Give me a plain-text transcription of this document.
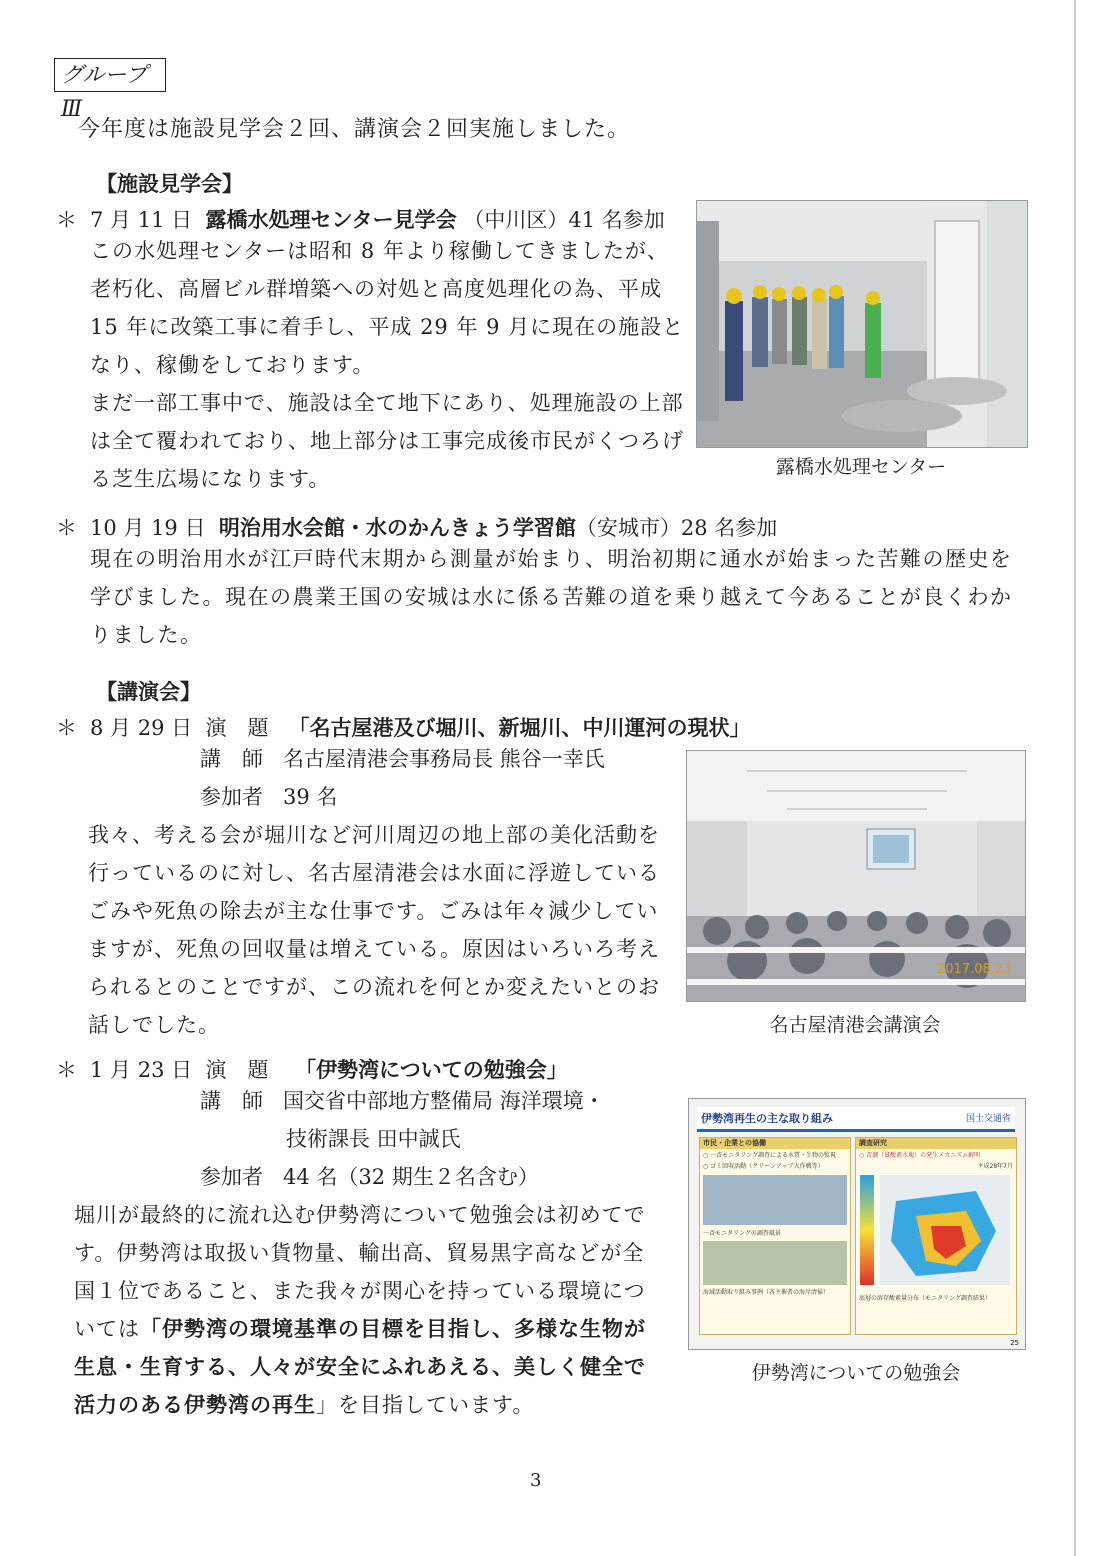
グループⅢ
今年度は施設見学会２回、講演会２回実施しました。
【施設見学会】
＊ 7 月 11 日 露橋水処理センター見学会 （中川区）41 名参加
この水処理センターは昭和 8 年より稼働してきましたが、
老朽化、高層ビル群増築への対処と高度処理化の為、平成
15 年に改築工事に着手し、平成 29 年 9 月に現在の施設と
なり、稼働をしております。
まだ一部工事中で、施設は全て地下にあり、処理施設の上部
は全て覆われており、地上部分は工事完成後市民がくつろげ
る芝生広場になります。	露橋水処理センター
＊ 10 月 19 日 明治用水会館・水のかんきょう学習館（安城市）28 名参加
現在の明治用水が江戸時代末期から測量が始まり、明治初期に通水が始まった苦難の歴史を
学びました。現在の農業王国の安城は水に係る苦難の道を乗り越えて今あることが良くわか
りました。
【講演会】
＊ 8 月 29 日 演　題 「名古屋港及び堀川、新堀川、中川運河の現状」
講　師 名古屋清港会事務局長 熊谷一幸氏
参加者 39 名
我々、考える会が堀川など河川周辺の地上部の美化活動を
行っているのに対し、名古屋清港会は水面に浮遊している
ごみや死魚の除去が主な仕事です。ごみは年々減少してい
ますが、死魚の回収量は増えている。原因はいろいろ考え
られるとのことですが、この流れを何とか変えたいとのお
話しでした。
2017.08.23
名古屋清港会講演会
＊ 1 月 23 日 演　題 「伊勢湾についての勉強会」
講　師 国交省中部地方整備局 海洋環境・
技術課長 田中誠氏
参加者 44 名（32 期生２名含む）
堀川が最終的に流れ込む伊勢湾について勉強会は初めてで
す。伊勢湾は取扱い貨物量、輸出高、貿易黒字高などが全
国１位であること、また我々が関心を持っている環境につ
いては「伊勢湾の環境基準の目標を目指し、多様な生物が
生息・生育する、人々が安全にふれあえる、美しく健全で
活力のある伊勢湾の再生」を目指しています。
伊勢湾再生の主な取り組み	国土交通省
市民・企業との協働
○ 一斉モニタリング調査による水質・生物の監視
○ ゴミ回収活動（クリーンアップ大作戦等）
一斉モニタリングの調査風景
海域活動取り組み事例（各主催者の海岸清掃）
調査研究
○ 苦潮（貧酸素水塊）の発生メカニズム解明
平成28年7月
底層の溶存酸素量分布（モニタリング調査結果）
25
伊勢湾についての勉強会
3
